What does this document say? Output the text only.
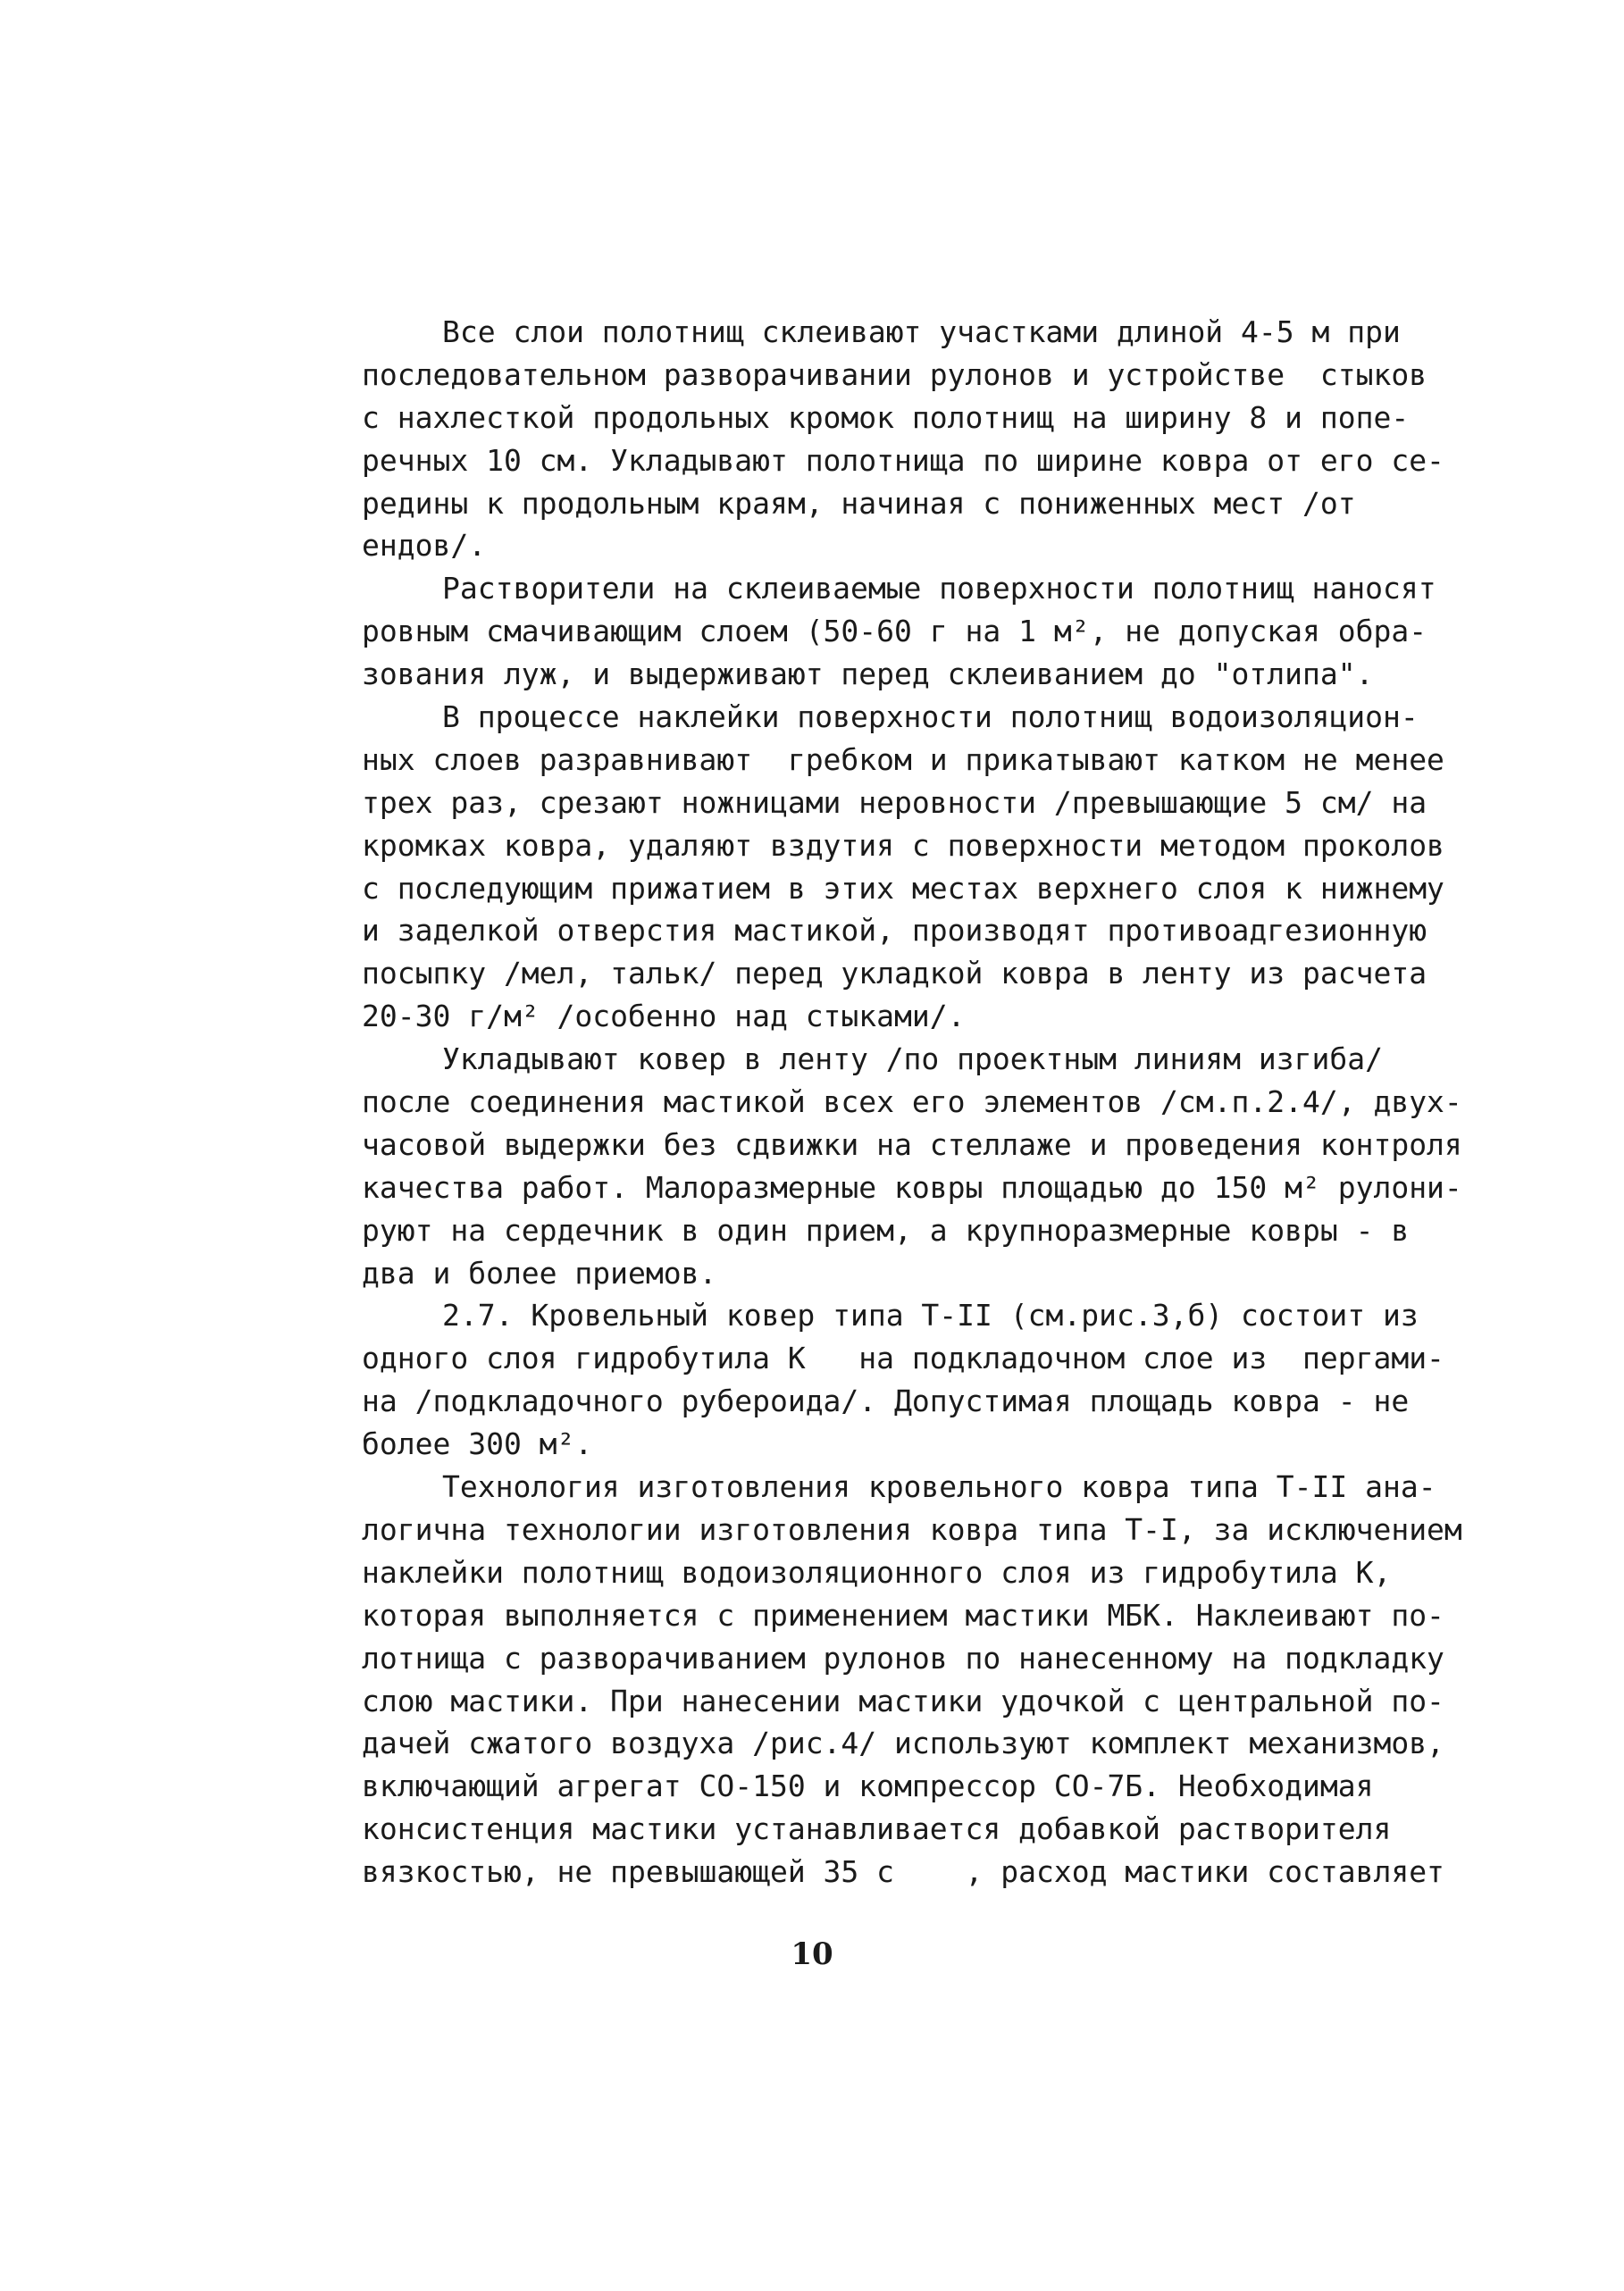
Все слои полотнищ склеивают участками длиной 4-5 м при
последовательном разворачивании рулонов и устройстве  стыков
с нахлесткой продольных кромок полотнищ на ширину 8 и попе-
речных 10 см. Укладывают полотнища по ширине ковра от его се-
редины к продольным краям, начиная с пониженных мест /от
ендов/.
Растворители на склеиваемые поверхности полотнищ наносят
ровным смачивающим слоем (50-60 г на 1 м², не допуская обра-
зования луж, и выдерживают перед склеиванием до "отлипа".
В процессе наклейки поверхности полотнищ водоизоляцион-
ных слоев разравнивают  гребком и прикатывают катком не менее
трех раз, срезают ножницами неровности /превышающие 5 см/ на
кромках ковра, удаляют вздутия с поверхности методом проколов
с последующим прижатием в этих местах верхнего слоя к нижнему
и заделкой отверстия мастикой, производят противоадгезионную
посыпку /мел, тальк/ перед укладкой ковра в ленту из расчета
20-30 г/м² /особенно над стыками/.
Укладывают ковер в ленту /по проектным линиям изгиба/
после соединения мастикой всех его элементов /см.п.2.4/, двух-
часовой выдержки без сдвижки на стеллаже и проведения контроля
качества работ. Малоразмерные ковры площадью до 150 м² рулони-
руют на сердечник в один прием, а крупноразмерные ковры - в
два и более приемов.
2.7. Кровельный ковер типа Т-II (см.рис.3,б) состоит из
одного слоя гидробутила К   на подкладочном слое из  пергами-
на /подкладочного рубероида/. Допустимая площадь ковра - не
более 300 м².
Технология изготовления кровельного ковра типа Т-II ана-
логична технологии изготовления ковра типа Т-I, за исключением
наклейки полотнищ водоизоляционного слоя из гидробутила К,
которая выполняется с применением мастики МБК. Наклеивают по-
лотнища с разворачиванием рулонов по нанесенному на подкладку
слою мастики. При нанесении мастики удочкой с центральной по-
дачей сжатого воздуха /рис.4/ используют комплект механизмов,
включающий агрегат СО-150 и компрессор СО-7Б. Необходимая
консистенция мастики устанавливается добавкой растворителя
вязкостью, не превышающей 35 с    , расход мастики составляет
10
